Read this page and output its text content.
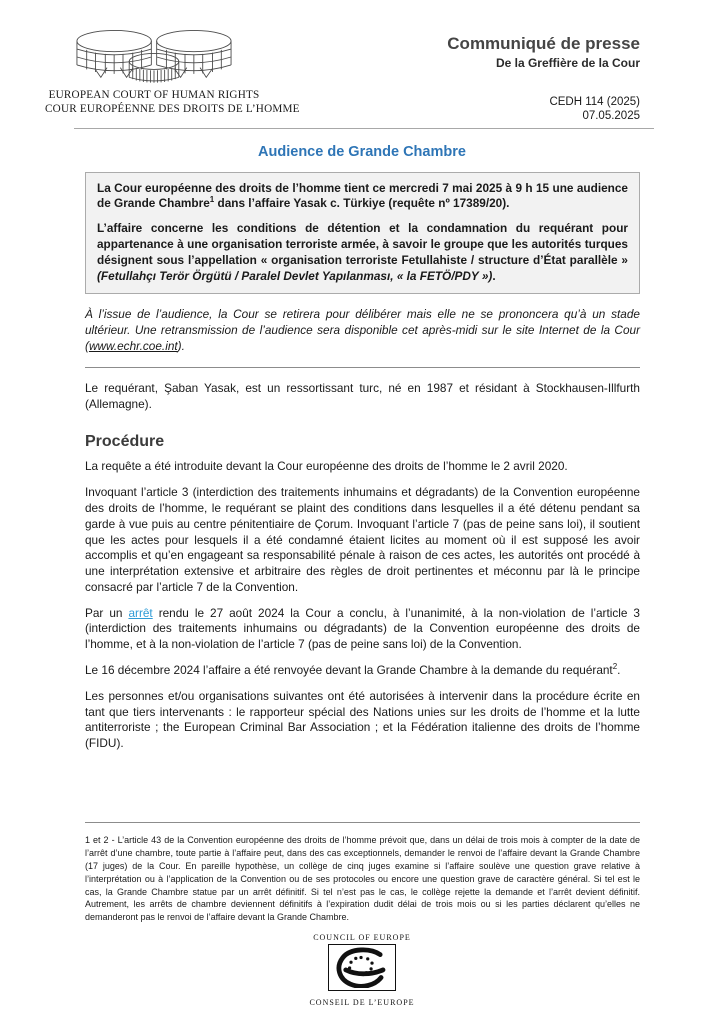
EUROPEAN COURT OF HUMAN RIGHTS
COUR EUROPÉENNE DES DROITS DE L’HOMME
Communiqué de presse
De la Greffière de la Cour
CEDH 114 (2025)
07.05.2025
Audience de Grande Chambre

La Cour européenne des droits de l’homme tient ce mercredi 7 mai 2025 à 9 h 15 une audience de Grande Chambre$^1$ dans l’affaire Yasak c. Türkiye (requête nº 17389/20).

L’affaire concerne les conditions de détention et la condamnation du requérant pour appartenance à une organisation terroriste armée, à savoir le groupe que les autorités turques désignent sous l’appellation « organisation terroriste Fetullahiste / structure d’État parallèle » (Fetullahçı Terör Örgütü / Paralel Devlet Yapılanması, « la FETÖ/PDY »).

À l’issue de l’audience, la Cour se retirera pour délibérer mais elle ne se prononcera qu’à un stade ultérieur. Une retransmission de l’audience sera disponible cet après-midi sur le site Internet de la Cour (www.echr.coe.int).

Le requérant, Şaban Yasak, est un ressortissant turc, né en 1987 et résidant à Stockhausen-Illfurth (Allemagne).

Procédure

La requête a été introduite devant la Cour européenne des droits de l’homme le 2 avril 2020.

Invoquant l’article 3 (interdiction des traitements inhumains et dégradants) de la Convention européenne des droits de l’homme, le requérant se plaint des conditions dans lesquelles il a été détenu pendant sa garde à vue puis au centre pénitentiaire de Çorum. Invoquant l’article 7 (pas de peine sans loi), il soutient que les actes pour lesquels il a été condamné étaient licites au moment où il est supposé les avoir accomplis et qu’en engageant sa responsabilité pénale à raison de ces actes, les autorités ont procédé à une interprétation extensive et arbitraire des règles de droit pertinentes et méconnu par là le principe consacré par l’article 7 de la Convention.

Par un arrêt rendu le 27 août 2024 la Cour a conclu, à l’unanimité, à la non-violation de l’article 3 (interdiction des traitements inhumains ou dégradants) de la Convention européenne des droits de l’homme, et à la non-violation de l’article 7 (pas de peine sans loi) de la Convention.

Le 16 décembre 2024 l’affaire a été renvoyée devant la Grande Chambre à la demande du requérant$^2$.

Les personnes et/ou organisations suivantes ont été autorisées à intervenir dans la procédure écrite en tant que tiers intervenants : le rapporteur spécial des Nations unies sur les droits de l’homme et la lutte antiterroriste ; the European Criminal Bar Association ; et la Fédération italienne des droits de l’homme (FIDU).

1 et 2 - L’article 43 de la Convention européenne des droits de l’homme prévoit que, dans un délai de trois mois à compter de la date de l’arrêt d’une chambre, toute partie à l’affaire peut, dans des cas exceptionnels, demander le renvoi de l’affaire devant la Grande Chambre (17 juges) de la Cour. En pareille hypothèse, un collège de cinq juges examine si l’affaire soulève une question grave relative à l’interprétation ou à l’application de la Convention ou de ses protocoles ou encore une question grave de caractère général. Si tel est le cas, la Grande Chambre statue par un arrêt définitif. Si tel n’est pas le cas, le collège rejette la demande et l’arrêt devient définitif. Autrement, les arrêts de chambre deviennent définitifs à l’expiration dudit délai de trois mois ou si les parties déclarent qu’elles ne demanderont pas le renvoi de l’affaire devant la Grande Chambre.

COUNCIL OF EUROPE
CONSEIL DE L’EUROPE
